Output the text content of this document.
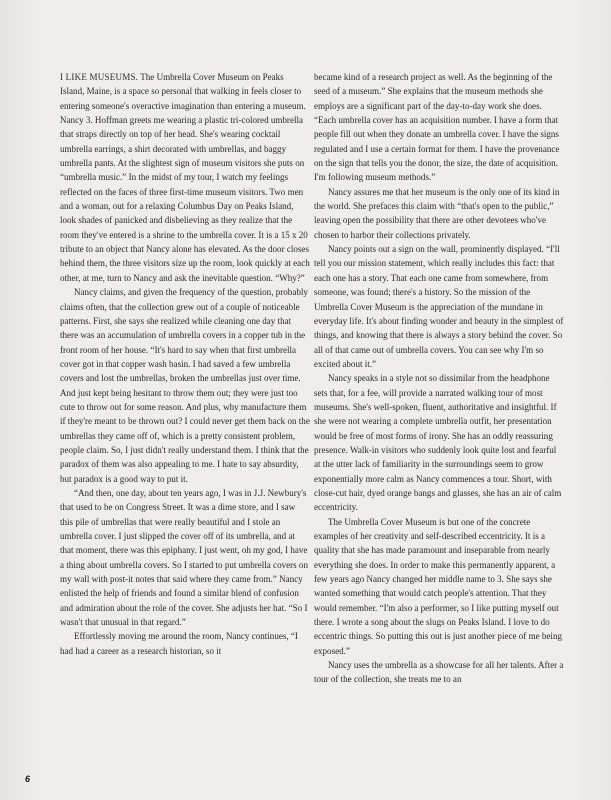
I LIKE MUSEUMS. The Umbrella Cover Museum on Peaks Island, Maine, is a space so personal that walking in feels closer to entering someone's overactive imagination than entering a museum. Nancy 3. Hoffman greets me wearing a plastic tri-colored umbrella that straps directly on top of her head. She's wearing cocktail umbrella earrings, a shirt decorated with umbrellas, and baggy umbrella pants. At the slightest sign of museum visitors she puts on “umbrella music.” In the midst of my tour, I watch my feelings reflected on the faces of three first-time museum visitors. Two men and a woman, out for a relaxing Columbus Day on Peaks Island, look shades of panicked and disbelieving as they realize that the room they've entered is a shrine to the umbrella cover. It is a 15 x 20 tribute to an object that Nancy alone has elevated. As the door closes behind them, the three visitors size up the room, look quickly at each other, at me, turn to Nancy and ask the inevitable question. “Why?”

Nancy claims, and given the frequency of the question, probably claims often, that the collection grew out of a couple of noticeable patterns. First, she says she realized while cleaning one day that there was an accumulation of umbrella covers in a copper tub in the front room of her house. “It's hard to say when that first umbrella cover got in that copper wash basin. I had saved a few umbrella covers and lost the umbrellas, broken the umbrellas just over time. And just kept being hesitant to throw them out; they were just too cute to throw out for some reason. And plus, why manufacture them if they're meant to be thrown out? I could never get them back on the umbrellas they came off of, which is a pretty consistent problem, people claim. So, I just didn't really understand them. I think that the paradox of them was also appealing to me. I hate to say absurdity, but paradox is a good way to put it.

“And then, one day, about ten years ago, I was in J.J. Newbury's that used to be on Congress Street. It was a dime store, and I saw this pile of umbrellas that were really beautiful and I stole an umbrella cover. I just slipped the cover off of its umbrella, and at that moment, there was this epiphany. I just went, oh my god, I have a thing about umbrella covers. So I started to put umbrella covers on my wall with post-it notes that said where they came from.” Nancy enlisted the help of friends and found a similar blend of confusion and admiration about the role of the cover. She adjusts her hat. “So I wasn't that unusual in that regard.”

Effortlessly moving me around the room, Nancy continues, “I had had a career as a research historian, so it

became kind of a research project as well. As the beginning of the seed of a museum.” She explains that the museum methods she employs are a significant part of the day-to-day work she does. “Each umbrella cover has an acquisition number. I have a form that people fill out when they donate an umbrella cover. I have the signs regulated and I use a certain format for them. I have the provenance on the sign that tells you the donor, the size, the date of acquisition. I'm following museum methods.”

Nancy assures me that her museum is the only one of its kind in the world. She prefaces this claim with “that's open to the public,” leaving open the possibility that there are other devotees who've chosen to harbor their collections privately.

Nancy points out a sign on the wall, prominently displayed. “I'll tell you our mission statement, which really includes this fact: that each one has a story. That each one came from somewhere, from someone, was found; there's a history. So the mission of the Umbrella Cover Museum is the appreciation of the mundane in everyday life. It's about finding wonder and beauty in the simplest of things, and knowing that there is always a story behind the cover. So all of that came out of umbrella covers. You can see why I'm so excited about it.”

Nancy speaks in a style not so dissimilar from the headphone sets that, for a fee, will provide a narrated walking tour of most museums. She's well-spoken, fluent, authoritative and insightful. If she were not wearing a complete umbrella outfit, her presentation would be free of most forms of irony. She has an oddly reassuring presence. Walk-in visitors who suddenly look quite lost and fearful at the utter lack of familiarity in the surroundings seem to grow exponentially more calm as Nancy commences a tour. Short, with close-cut hair, dyed orange bangs and glasses, she has an air of calm eccentricity.

The Umbrella Cover Museum is but one of the concrete examples of her creativity and self-described eccentricity. It is a quality that she has made paramount and inseparable from nearly everything she does. In order to make this permanently apparent, a few years ago Nancy changed her middle name to 3. She says she wanted something that would catch people's attention. That they would remember. “I'm also a performer, so I like putting myself out there. I wrote a song about the slugs on Peaks Island. I love to do eccentric things. So putting this out is just another piece of me being exposed.”

Nancy uses the umbrella as a showcase for all her talents. After a tour of the collection, she treats me to an

6
